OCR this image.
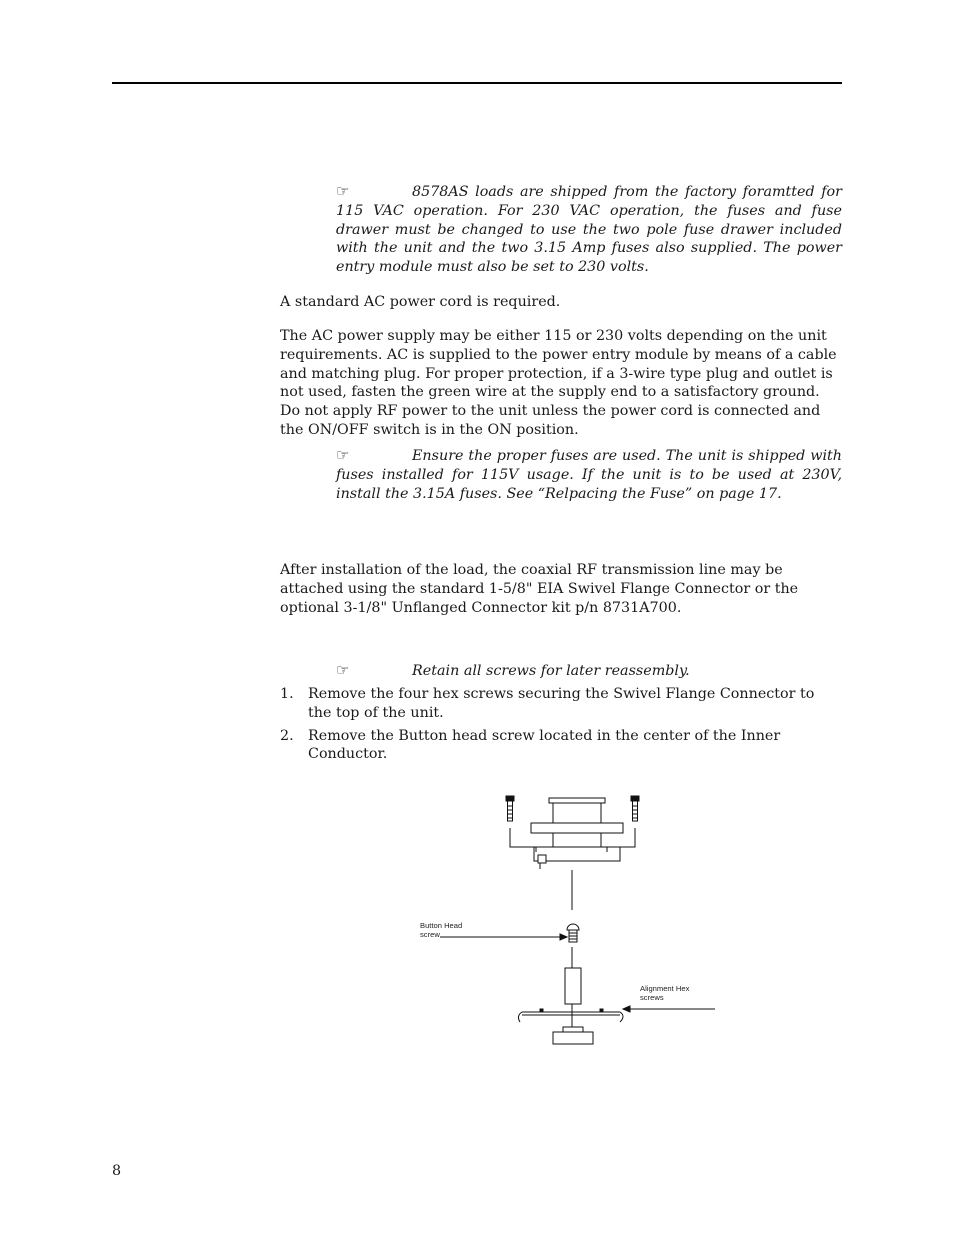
☞	8578AS loads are shipped from the factory foramtted for 115 VAC operation. For 230 VAC operation, the fuses and fuse drawer must be changed to use the two pole fuse drawer included with the unit and the two 3.15 Amp fuses also supplied. The power entry module must also be set to 230 volts.
A standard AC power cord is required.
The AC power supply may be either 115 or 230 volts depending on the unit requirements. AC is supplied to the power entry module by means of a cable and matching plug. For proper protection, if a 3-wire type plug and outlet is not used, fasten the green wire at the supply end to a satisfactory ground. Do not apply RF power to the unit unless the power cord is connected and the ON/OFF switch is in the ON position.
☞	Ensure the proper fuses are used. The unit is shipped with fuses installed for 115V usage. If the unit is to be used at 230V, install the 3.15A fuses. See “Relpacing the Fuse” on page 17.
After installation of the load, the coaxial RF transmission line may be attached using the standard 1-5/8" EIA Swivel Flange Connector or the optional 3-1/8" Unflanged Connector kit p/n 8731A700.
☞	Retain all screws for later reassembly.
1. Remove the four hex screws securing the Swivel Flange Connector to the top of the unit.
2. Remove the Button head screw located in the center of the Inner Conductor.
Button Head
screw
Alignment Hex
screws
8
